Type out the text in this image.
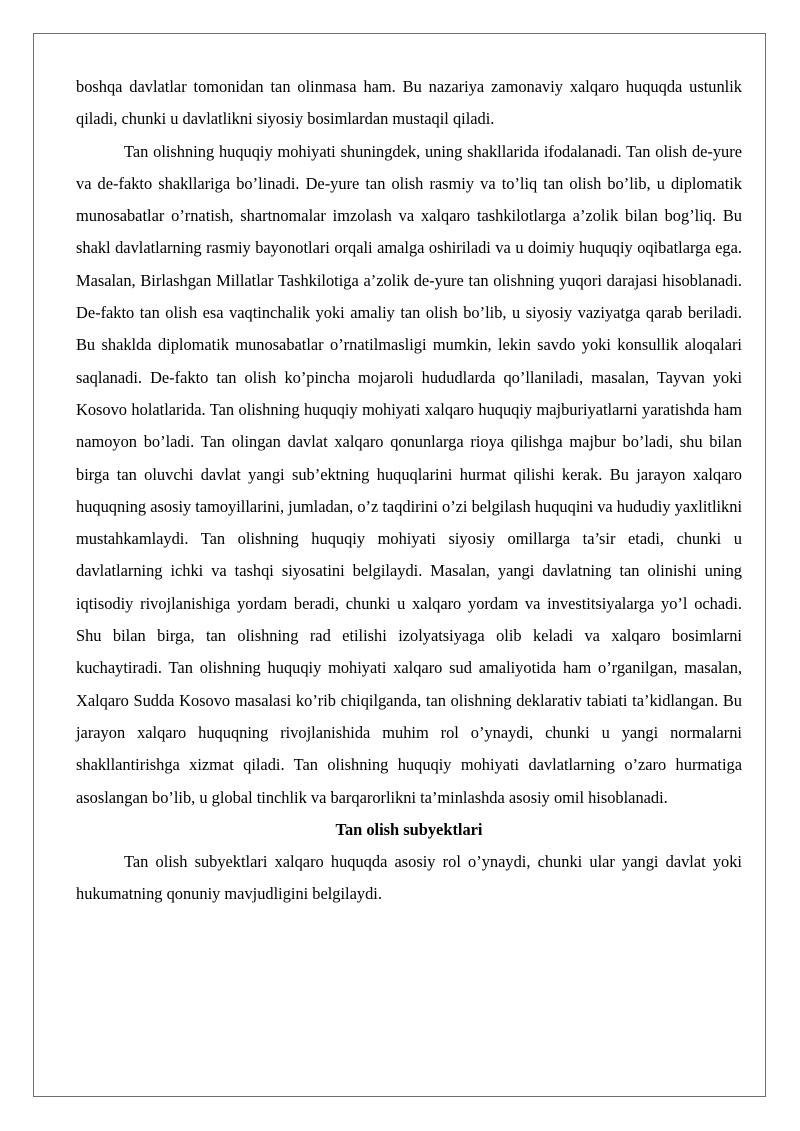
boshqa davlatlar tomonidan tan olinmasa ham. Bu nazariya zamonaviy xalqaro huquqda ustunlik qiladi, chunki u davlatlikni siyosiy bosimlardan mustaqil qiladi.

Tan olishning huquqiy mohiyati shuningdek, uning shakllarida ifodalanadi. Tan olish de-yure va de-fakto shakllariga bo’linadi. De-yure tan olish rasmiy va to’liq tan olish bo’lib, u diplomatik munosabatlar o’rnatish, shartnomalar imzolash va xalqaro tashkilotlarga a’zolik bilan bog’liq. Bu shakl davlatlarning rasmiy bayonotlari orqali amalga oshiriladi va u doimiy huquqiy oqibatlarga ega. Masalan, Birlashgan Millatlar Tashkilotiga a’zolik de-yure tan olishning yuqori darajasi hisoblanadi. De-fakto tan olish esa vaqtinchalik yoki amaliy tan olish bo’lib, u siyosiy vaziyatga qarab beriladi. Bu shaklda diplomatik munosabatlar o’rnatilmasligi mumkin, lekin savdo yoki konsullik aloqalari saqlanadi. De-fakto tan olish ko’pincha mojaroli hududlarda qo’llaniladi, masalan, Tayvan yoki Kosovo holatlarida. Tan olishning huquqiy mohiyati xalqaro huquqiy majburiyatlarni yaratishda ham namoyon bo’ladi. Tan olingan davlat xalqaro qonunlarga rioya qilishga majbur bo’ladi, shu bilan birga tan oluvchi davlat yangi sub’ektning huquqlarini hurmat qilishi kerak. Bu jarayon xalqaro huquqning asosiy tamoyillarini, jumladan, o’z taqdirini o’zi belgilash huquqini va hududiy yaxlitlikni mustahkamlaydi. Tan olishning huquqiy mohiyati siyosiy omillarga ta’sir etadi, chunki u davlatlarning ichki va tashqi siyosatini belgilaydi. Masalan, yangi davlatning tan olinishi uning iqtisodiy rivojlanishiga yordam beradi, chunki u xalqaro yordam va investitsiyalarga yo’l ochadi. Shu bilan birga, tan olishning rad etilishi izolyatsiyaga olib keladi va xalqaro bosimlarni kuchaytiradi. Tan olishning huquqiy mohiyati xalqaro sud amaliyotida ham o’rganilgan, masalan, Xalqaro Sudda Kosovo masalasi ko’rib chiqilganda, tan olishning deklarativ tabiati ta’kidlangan. Bu jarayon xalqaro huquqning rivojlanishida muhim rol o’ynaydi, chunki u yangi normalarni shakllantirishga xizmat qiladi. Tan olishning huquqiy mohiyati davlatlarning o’zaro hurmatiga asoslangan bo’lib, u global tinchlik va barqarorlikni ta’minlashda asosiy omil hisoblanadi.

Tan olish subyektlari

Tan olish subyektlari xalqaro huquqda asosiy rol o’ynaydi, chunki ular yangi davlat yoki hukumatning qonuniy mavjudligini belgilaydi.
